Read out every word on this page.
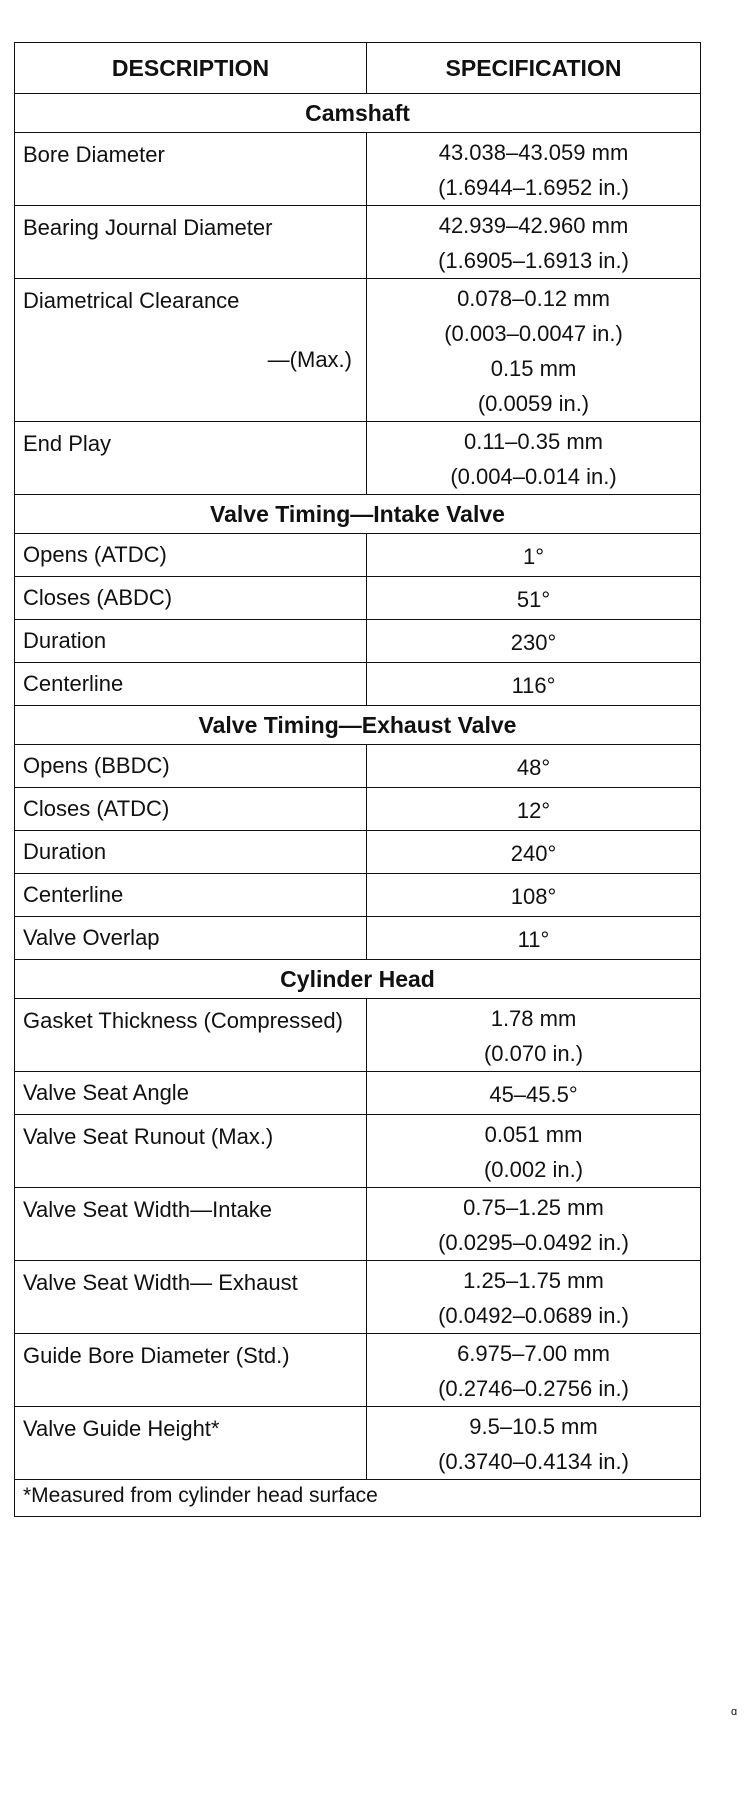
DESCRIPTION	SPECIFICATION
Camshaft	
Bore Diameter	43.038–43.059 mm
(1.6944–1.6952 in.)

Bearing Journal Diameter	42.939–42.960 mm
(1.6905–1.6913 in.)

Diametrical Clearance
—(Max.)	0.078–0.12 mm
(0.003–0.0047 in.)
0.15 mm
(0.0059 in.)

End Play	0.11–0.35 mm
(0.004–0.014 in.)

Valve Timing—Intake Valve	
Opens (ATDC)	1°

Closes (ABDC)	51°

Duration	230°

Centerline	116°

Valve Timing—Exhaust Valve	
Opens (BBDC)	48°

Closes (ATDC)	12°

Duration	240°

Centerline	108°

Valve Overlap	11°

Cylinder Head	
Gasket Thickness (Compressed)	1.78 mm
(0.070 in.)

Valve Seat Angle	45–45.5°

Valve Seat Runout (Max.)	0.051 mm
(0.002 in.)

Valve Seat Width—Intake	0.75–1.25 mm
(0.0295–0.0492 in.)

Valve Seat Width— Exhaust	1.25–1.75 mm
(0.0492–0.0689 in.)

Guide Bore Diameter (Std.)	6.975–7.00 mm
(0.2746–0.2756 in.)

Valve Guide Height*	9.5–10.5 mm
(0.3740–0.4134 in.)

*Measured from cylinder head surface	
ɑ
